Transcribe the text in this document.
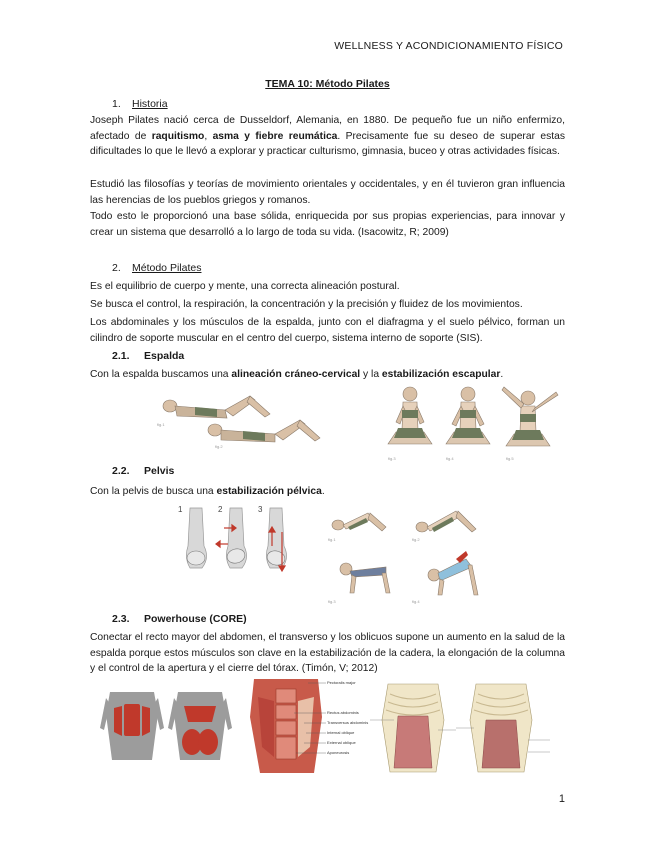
WELLNESS Y ACONDICIONAMIENTO FÍSICO
TEMA 10: Método Pilates
1. Historia
Joseph Pilates nació cerca de Dusseldorf, Alemania, en 1880. De pequeño fue un niño enfermizo, afectado de raquitismo, asma y fiebre reumática. Precisamente fue su deseo de superar estas dificultades lo que le llevó a explorar y practicar culturismo, gimnasia, buceo y otras actividades físicas.
Estudió las filosofías y teorías de movimiento orientales y occidentales, y en él tuvieron gran influencia las herencias de los pueblos griegos y romanos.
Todo esto le proporcionó una base sólida, enriquecida por sus propias experiencias, para innovar y crear un sistema que desarrolló a lo largo de toda su vida. (Isacowitz, R; 2009)
2. Método Pilates
Es el equilibrio de cuerpo y mente, una correcta alineación postural.
Se busca el control, la respiración, la concentración y la precisión y fluidez de los movimientos.
Los abdominales y los músculos de la espalda, junto con el diafragma y el suelo pélvico, forman un cilindro de soporte muscular en el centro del cuerpo, sistema interno de soporte (SIS).
2.1. Espalda
Con la espalda buscamos una alineación cráneo-cervical y la estabilización escapular.
fig.1
fig.2
fig.3	fig.4	fig.5
2.2. Pelvis
Con la pelvis de busca una estabilización pélvica.
1	2	3
fig.1	fig.2
fig.3	fig.4
2.3. Powerhouse (CORE)
Conectar el recto mayor del abdomen, el transverso y los oblicuos supone un aumento en la salud de la espalda porque estos músculos son clave en la estabilización de la cadera, la elongación de la columna y el control de la apertura y el cierre del tórax. (Timón, V; 2012)
Pectoralis major
Rectus abdominis
Transversus abdominis
Internal oblique
External oblique
Aponeurosis
1
